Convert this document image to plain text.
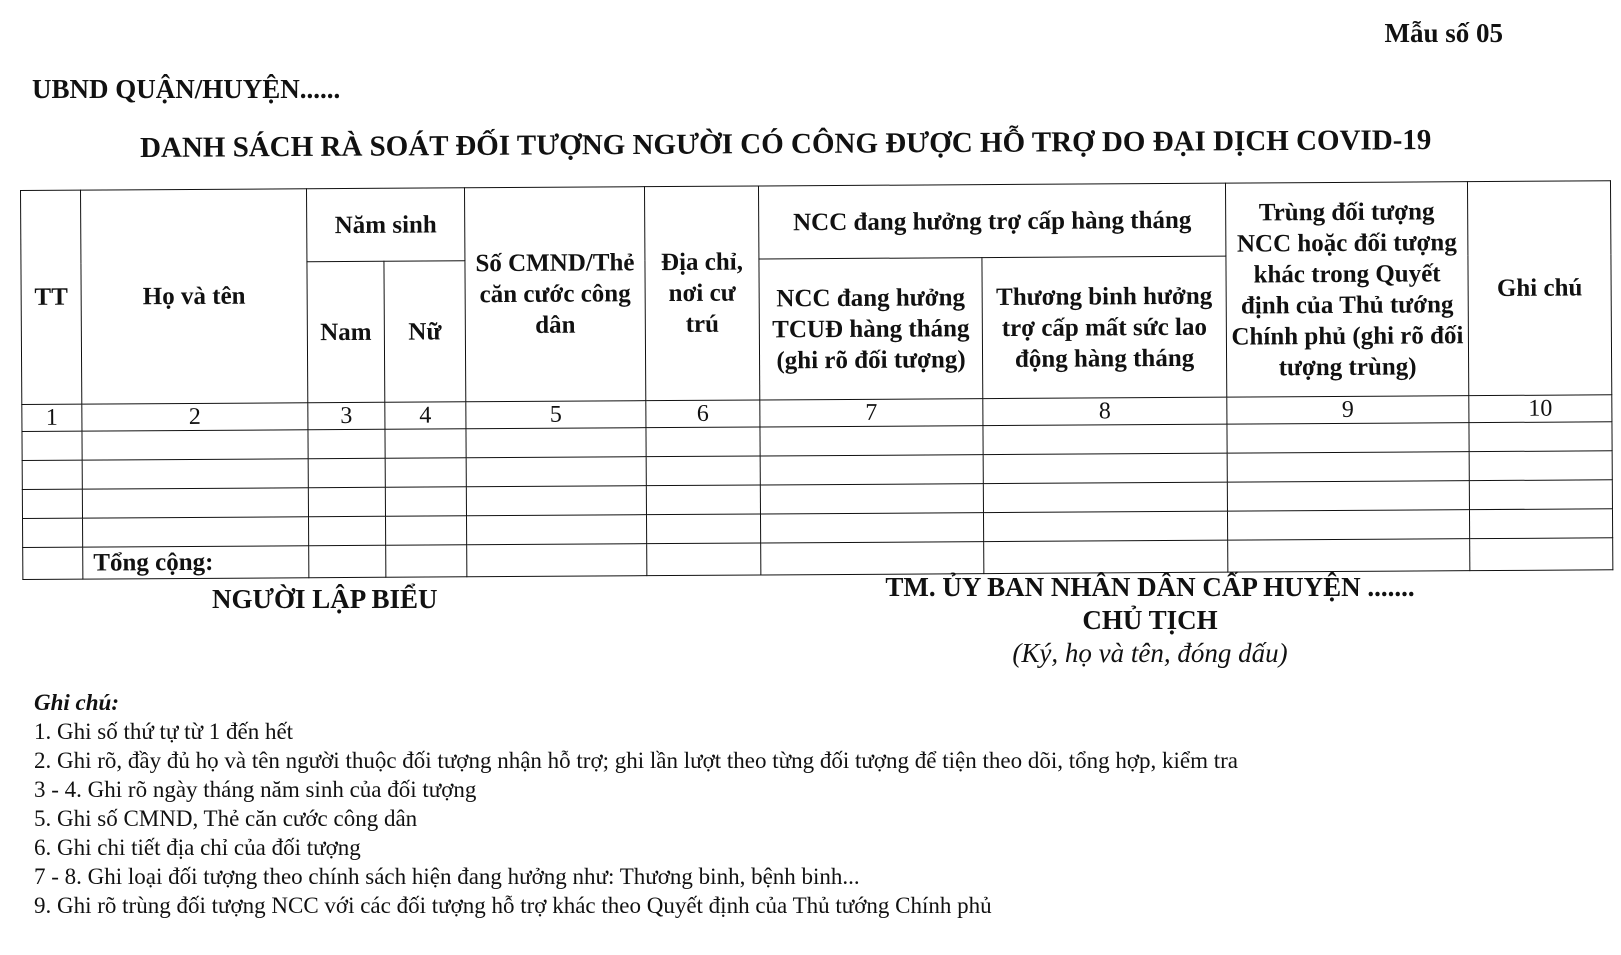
Mẫu số 05
UBND QUẬN/HUYỆN......
DANH SÁCH RÀ SOÁT ĐỐI TƯỢNG NGƯỜI CÓ CÔNG ĐƯỢC HỖ TRỢ DO ĐẠI DỊCH COVID-19
TT	Họ và tên	Năm sinh		Số CMND/Thẻ căn cước công dân	Địa chỉ, nơi cư trú	NCC đang hưởng trợ cấp hàng tháng		Trùng đối tượng NCC hoặc đối tượng khác trong Quyết định của Thủ tướng Chính phủ (ghi rõ đối tượng trùng)	Ghi chú
		Nam	Nữ			NCC đang hưởng TCUĐ hàng tháng (ghi rõ đối tượng)	Thương binh hưởng trợ cấp mất sức lao động hàng tháng		
1	2	3	4	5	6	7	8	9	10

	Tổng cộng:								
NGƯỜI LẬP BIỂU	TM. ỦY BAN NHÂN DÂN CẤP HUYỆN .......
CHỦ TỊCH
(Ký, họ và tên, đóng dấu)
Ghi chú:
1. Ghi số thứ tự từ 1 đến hết
2. Ghi rõ, đầy đủ họ và tên người thuộc đối tượng nhận hỗ trợ; ghi lần lượt theo từng đối tượng để tiện theo dõi, tổng hợp, kiểm tra
3 - 4. Ghi rõ ngày tháng năm sinh của đối tượng
5. Ghi số CMND, Thẻ căn cước công dân
6. Ghi chi tiết địa chỉ của đối tượng
7 - 8. Ghi loại đối tượng theo chính sách hiện đang hưởng như: Thương binh, bệnh binh...
9. Ghi rõ trùng đối tượng NCC với các đối tượng hỗ trợ khác theo Quyết định của Thủ tướng Chính phủ
